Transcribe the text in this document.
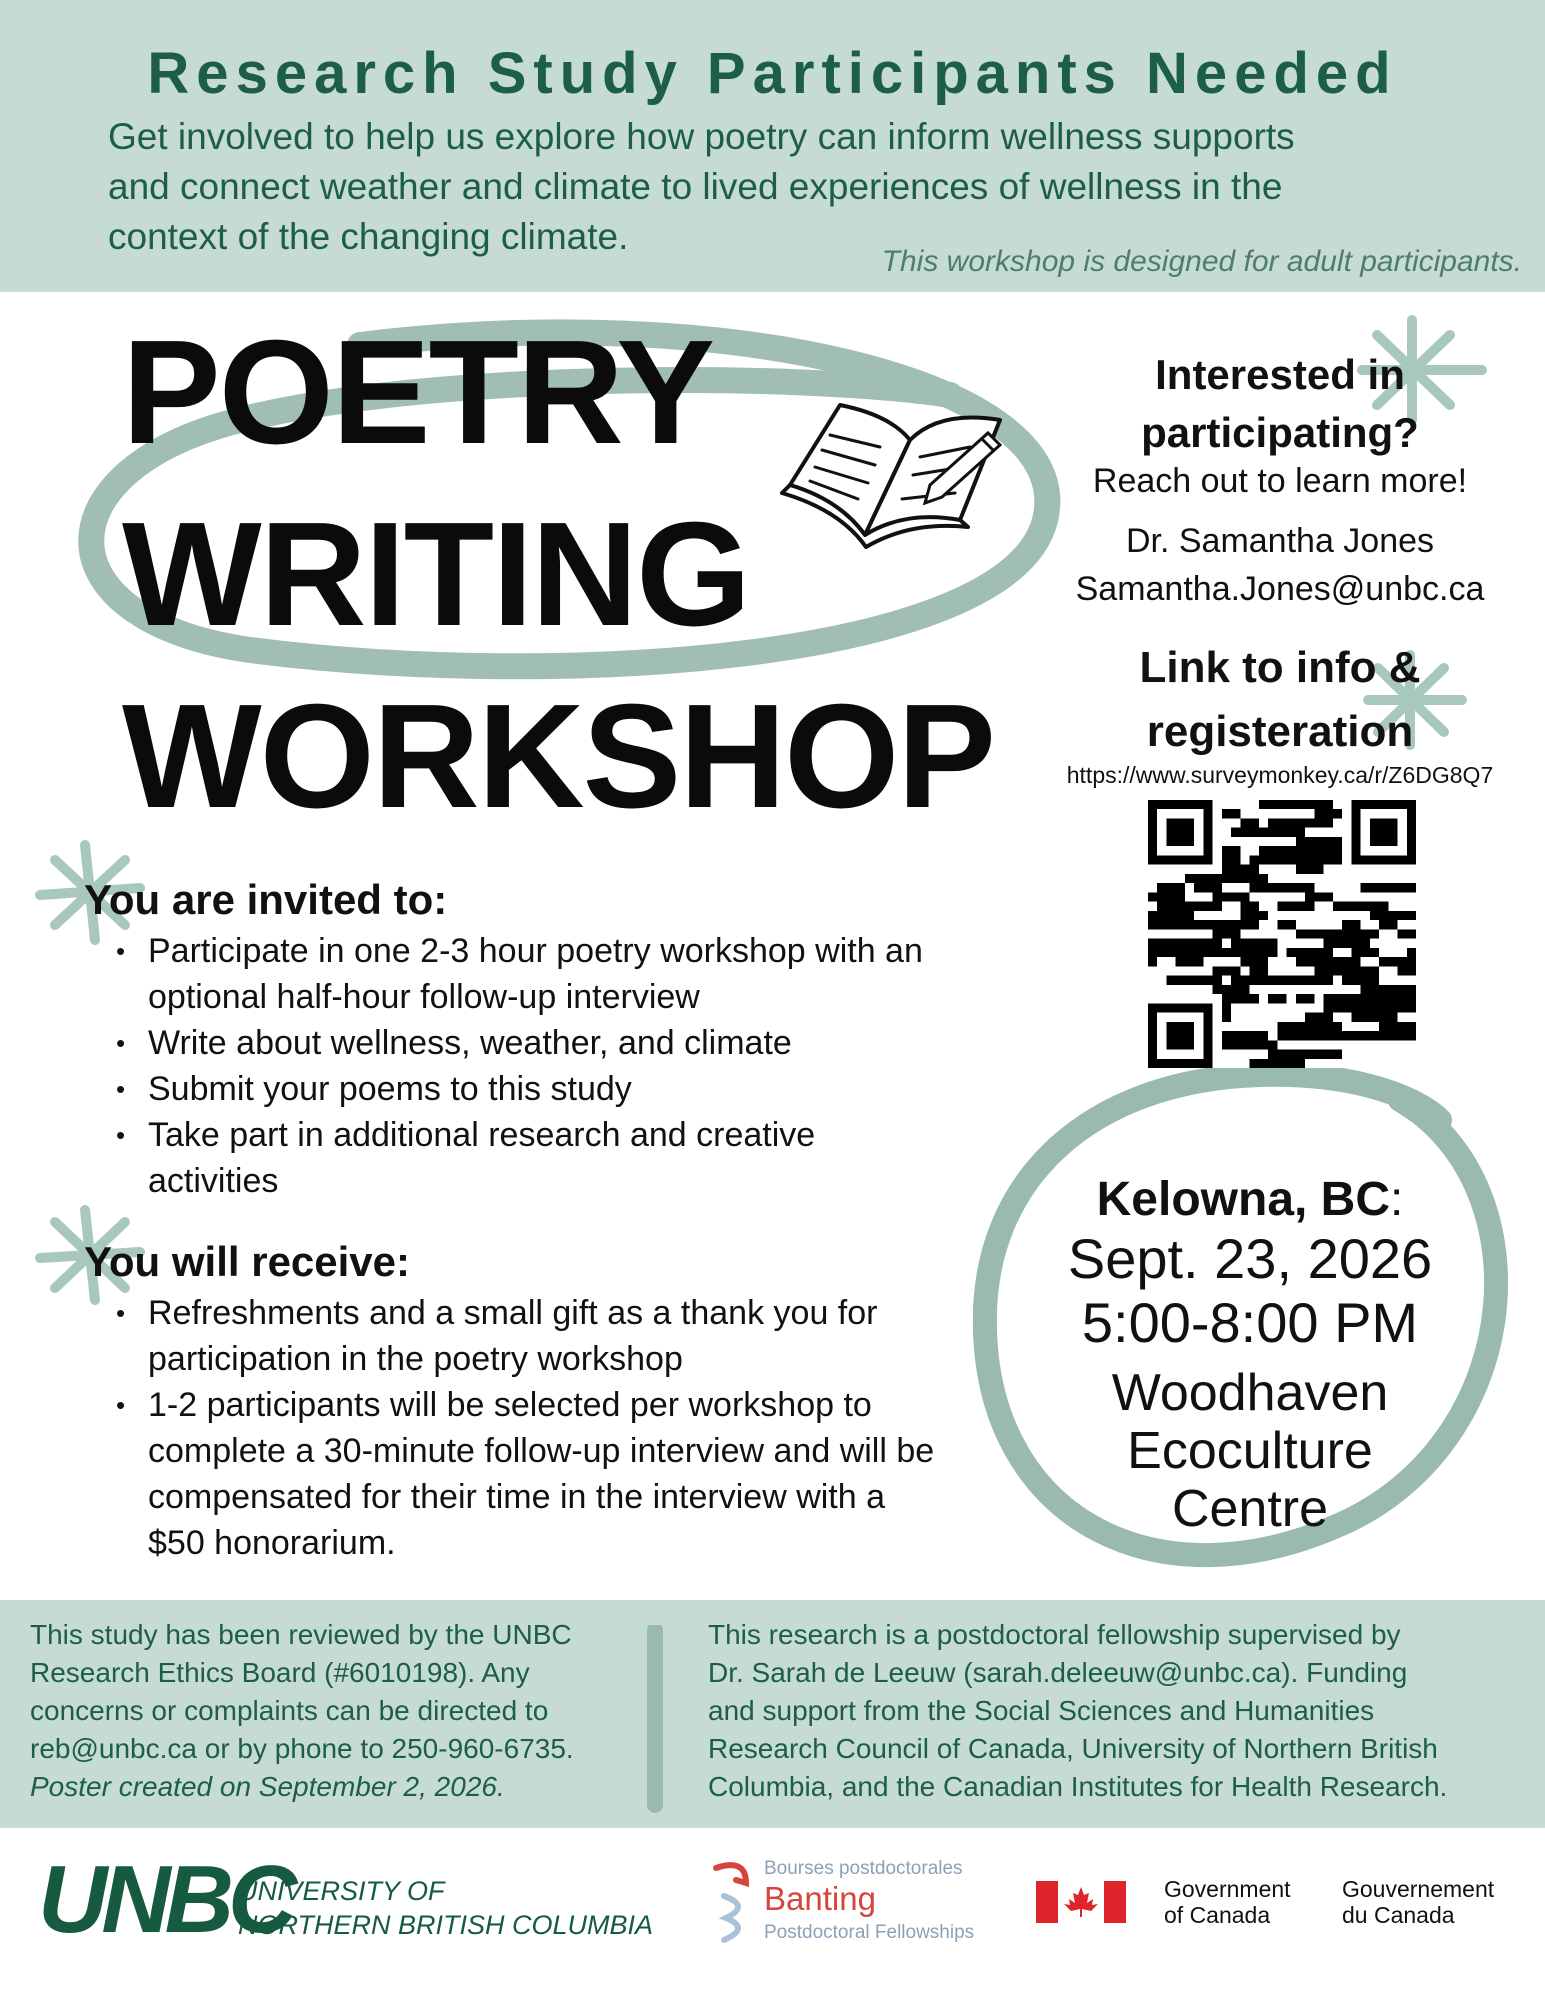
Research Study Participants Needed
Get involved to help us explore how poetry can inform wellness supports
and connect weather and climate to lived experiences of wellness in the
context of the changing climate.
This workshop is designed for adult participants.
POETRY
WRITING
WORKSHOP
Interested in
participating?
Reach out to learn more!
Dr. Samantha Jones
Samantha.Jones@unbc.ca
Link to info &
registeration
https://www.surveymonkey.ca/r/Z6DG8Q7
You are invited to:
• Participate in one 2-3 hour poetry workshop with an optional half-hour follow-up interview
• Write about wellness, weather, and climate
• Submit your poems to this study
• Take part in additional research and creative activities
You will receive:
• Refreshments and a small gift as a thank you for participation in the poetry workshop
• 1-2 participants will be selected per workshop to complete a 30-minute follow-up interview and will be compensated for their time in the interview with a $50 honorarium.
Kelowna, BC:
Sept. 23, 2026
5:00-8:00 PM
Woodhaven
Ecoculture
Centre
This study has been reviewed by the UNBC
Research Ethics Board (#6010198). Any
concerns or complaints can be directed to
reb@unbc.ca or by phone to 250-960-6735.
Poster created on September 2, 2026.
This research is a postdoctoral fellowship supervised by
Dr. Sarah de Leeuw (sarah.deleeuw@unbc.ca). Funding
and support from the Social Sciences and Humanities
Research Council of Canada, University of Northern British
Columbia, and the Canadian Institutes for Health Research.
UNBC
UNIVERSITY OF
NORTHERN BRITISH COLUMBIA
Bourses postdoctorales
Banting
Postdoctoral Fellowships
Government
of Canada
Gouvernement
du Canada
